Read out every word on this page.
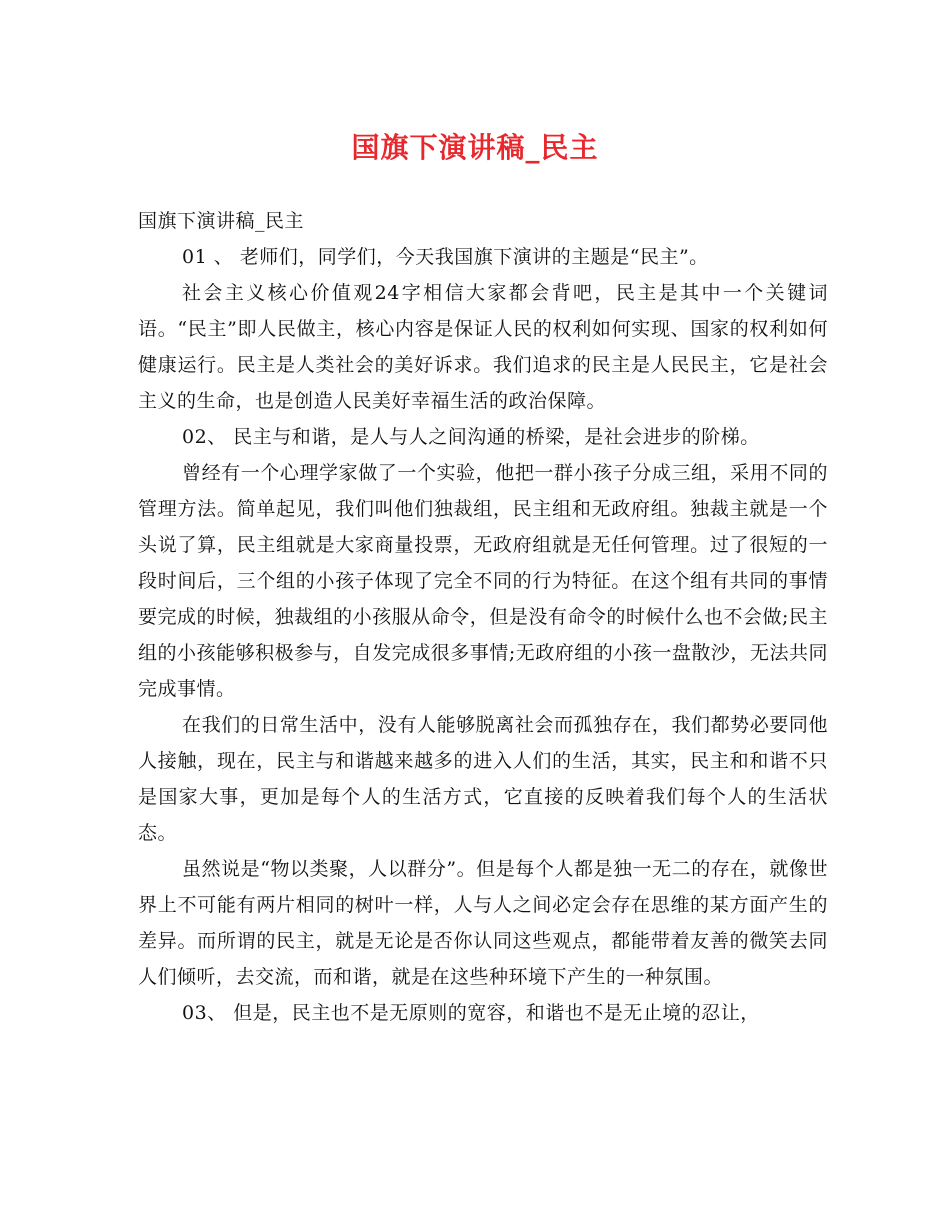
国旗下演讲稿_民主

国旗下演讲稿_民主

01 、 老师们，同学们，今天我国旗下演讲的主题是“民主”。

社会主义核心价值观24字相信大家都会背吧，民主是其中一个关键词语。“民主”即人民做主，核心内容是保证人民的权利如何实现、国家的权利如何健康运行。民主是人类社会的美好诉求。我们追求的民主是人民民主，它是社会主义的生命，也是创造人民美好幸福生活的政治保障。

02、 民主与和谐，是人与人之间沟通的桥梁，是社会进步的阶梯。

曾经有一个心理学家做了一个实验，他把一群小孩子分成三组，采用不同的管理方法。简单起见，我们叫他们独裁组，民主组和无政府组。独裁主就是一个头说了算，民主组就是大家商量投票，无政府组就是无任何管理。过了很短的一段时间后，三个组的小孩子体现了完全不同的行为特征。在这个组有共同的事情要完成的时候，独裁组的小孩服从命令，但是没有命令的时候什么也不会做;民主组的小孩能够积极参与，自发完成很多事情;无政府组的小孩一盘散沙，无法共同完成事情。

在我们的日常生活中，没有人能够脱离社会而孤独存在，我们都势必要同他人接触，现在，民主与和谐越来越多的进入人们的生活，其实，民主和和谐不只是国家大事，更加是每个人的生活方式，它直接的反映着我们每个人的生活状态。

虽然说是“物以类聚，人以群分”。但是每个人都是独一无二的存在，就像世界上不可能有两片相同的树叶一样，人与人之间必定会存在思维的某方面产生的差异。而所谓的民主，就是无论是否你认同这些观点，都能带着友善的微笑去同人们倾听，去交流，而和谐，就是在这些种环境下产生的一种氛围。

03、 但是，民主也不是无原则的宽容，和谐也不是无止境的忍让，
